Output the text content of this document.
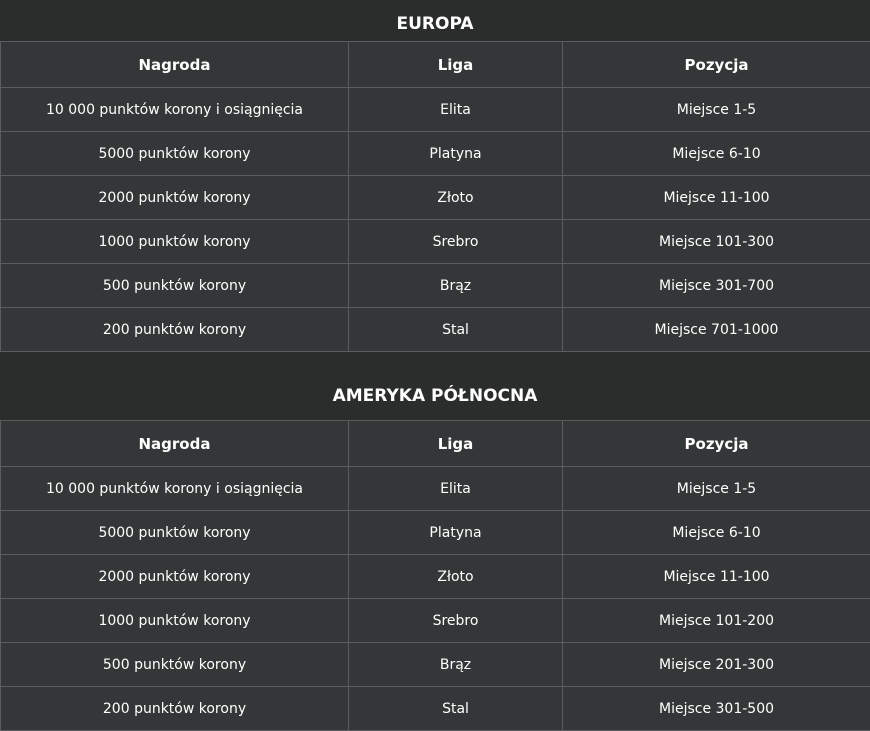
EUROPA
Nagroda	Liga	Pozycja
10 000 punktów korony i osiągnięcia	Elita	Miejsce 1-5
5000 punktów korony	Platyna	Miejsce 6-10
2000 punktów korony	Złoto	Miejsce 11-100
1000 punktów korony	Srebro	Miejsce 101-300
500 punktów korony	Brąz	Miejsce 301-700
200 punktów korony	Stal	Miejsce 701-1000
AMERYKA PÓŁNOCNA
Nagroda	Liga	Pozycja
10 000 punktów korony i osiągnięcia	Elita	Miejsce 1-5
5000 punktów korony	Platyna	Miejsce 6-10
2000 punktów korony	Złoto	Miejsce 11-100
1000 punktów korony	Srebro	Miejsce 101-200
500 punktów korony	Brąz	Miejsce 201-300
200 punktów korony	Stal	Miejsce 301-500
